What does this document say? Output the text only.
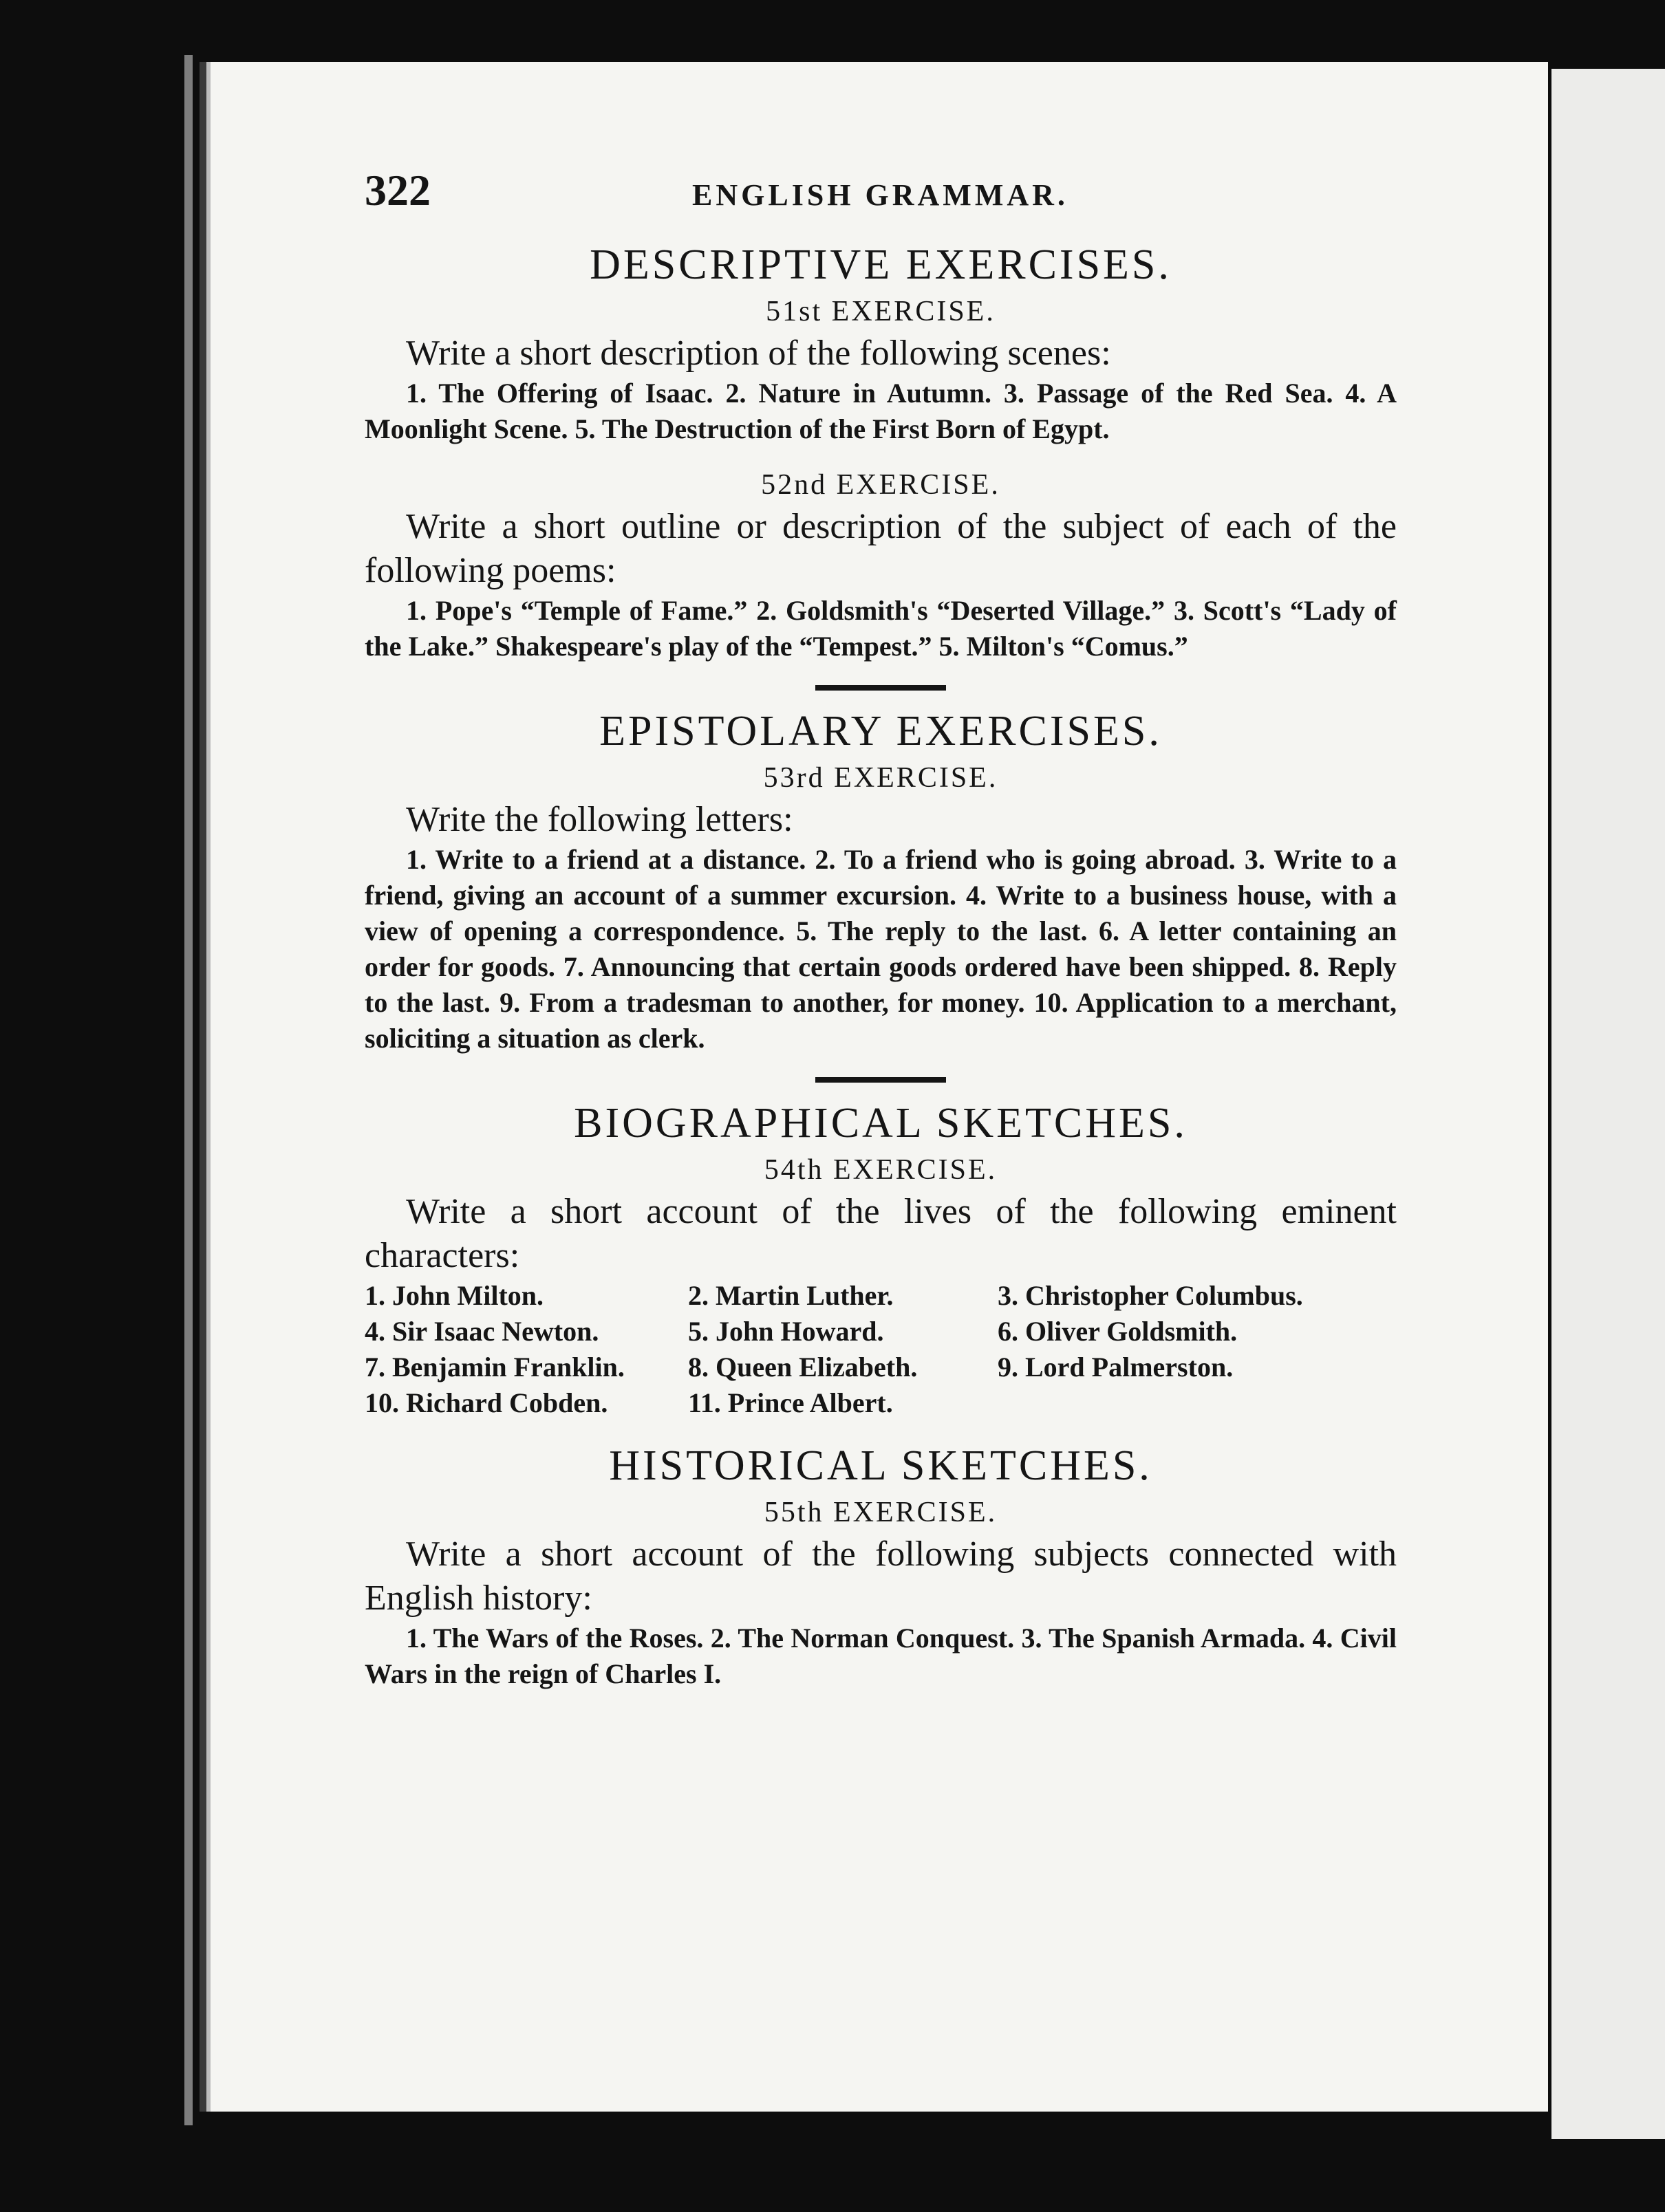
322	ENGLISH GRAMMAR.
DESCRIPTIVE EXERCISES.
51st EXERCISE.

Write a short description of the following scenes:

1. The Offering of Isaac. 2. Nature in Autumn. 3. Passage of the Red Sea. 4. A Moonlight Scene. 5. The Destruction of the First Born of Egypt.

52nd EXERCISE.

Write a short outline or description of the subject of each of the following poems:

1. Pope's “Temple of Fame.” 2. Goldsmith's “Deserted Village.” 3. Scott's “Lady of the Lake.” Shakespeare's play of the “Tempest.” 5. Milton's “Comus.”

EPISTOLARY EXERCISES.
53rd EXERCISE.

Write the following letters:

1. Write to a friend at a distance. 2. To a friend who is going abroad. 3. Write to a friend, giving an account of a summer excursion. 4. Write to a business house, with a view of opening a correspondence. 5. The reply to the last. 6. A letter containing an order for goods. 7. Announcing that certain goods ordered have been shipped. 8. Reply to the last. 9. From a tradesman to another, for money. 10. Application to a merchant, soliciting a situation as clerk.

BIOGRAPHICAL SKETCHES.
54th EXERCISE.

Write a short account of the lives of the following eminent characters:

1. John Milton.	2. Martin Luther.	3. Christopher Columbus.
4. Sir Isaac Newton.	5. John Howard.	6. Oliver Goldsmith.
7. Benjamin Franklin.	8. Queen Elizabeth.	9. Lord Palmerston.
10. Richard Cobden.	11. Prince Albert.
HISTORICAL SKETCHES.
55th EXERCISE.

Write a short account of the following subjects connected with English history:

1. The Wars of the Roses. 2. The Norman Conquest. 3. The Spanish Armada. 4. Civil Wars in the reign of Charles I.
